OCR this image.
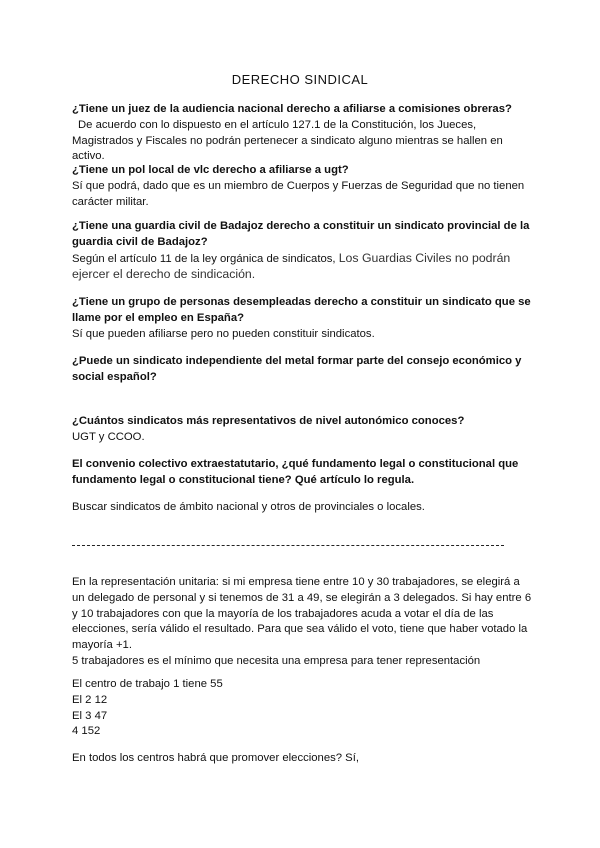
DERECHO SINDICAL
¿Tiene un juez de la audiencia nacional derecho a afiliarse a comisiones obreras?De acuerdo con lo dispuesto en el artículo 127.1 de la Constitución, los Jueces, Magistrados y Fiscales no podrán pertenecer a sindicato alguno mientras se hallen en activo.

¿Tiene un pol local de vlc derecho a afiliarse a ugt?

Sí que podrá, dado que es un miembro de Cuerpos y Fuerzas de Seguridad que no tienen carácter militar.

¿Tiene una guardia civil de Badajoz derecho a constituir un sindicato provincial de la guardia civil de Badajoz?

Según el artículo 11 de la ley orgánica de sindicatos, Los Guardias Civiles no podrán ejercer el derecho de sindicación.

¿Tiene un grupo de personas desempleadas derecho a constituir un sindicato que se llame por el empleo en España?

Sí que pueden afiliarse pero no pueden constituir sindicatos.

¿Puede un sindicato independiente del metal formar parte del consejo económico y social español?

¿Cuántos sindicatos más representativos de nivel autonómico conoces?

UGT y CCOO.

El convenio colectivo extraestatutario, ¿qué fundamento legal o constitucional que fundamento legal o constitucional tiene? Qué artículo lo regula.

Buscar sindicatos de ámbito nacional y otros de provinciales o locales.

En la representación unitaria: si mi empresa tiene entre 10 y 30 trabajadores, se elegirá a un delegado de personal y si tenemos de 31 a 49, se elegirán a 3 delegados. Si hay entre 6 y 10 trabajadores con que la mayoría de los trabajadores acuda a votar el día de las elecciones, sería válido el resultado. Para que sea válido el voto, tiene que haber votado la mayoría +1.

5 trabajadores es el mínimo que necesita una empresa para tener representación

El centro de trabajo 1 tiene 55

El 2 12

El 3 47

4 152

En todos los centros habrá que promover elecciones? Sí,
